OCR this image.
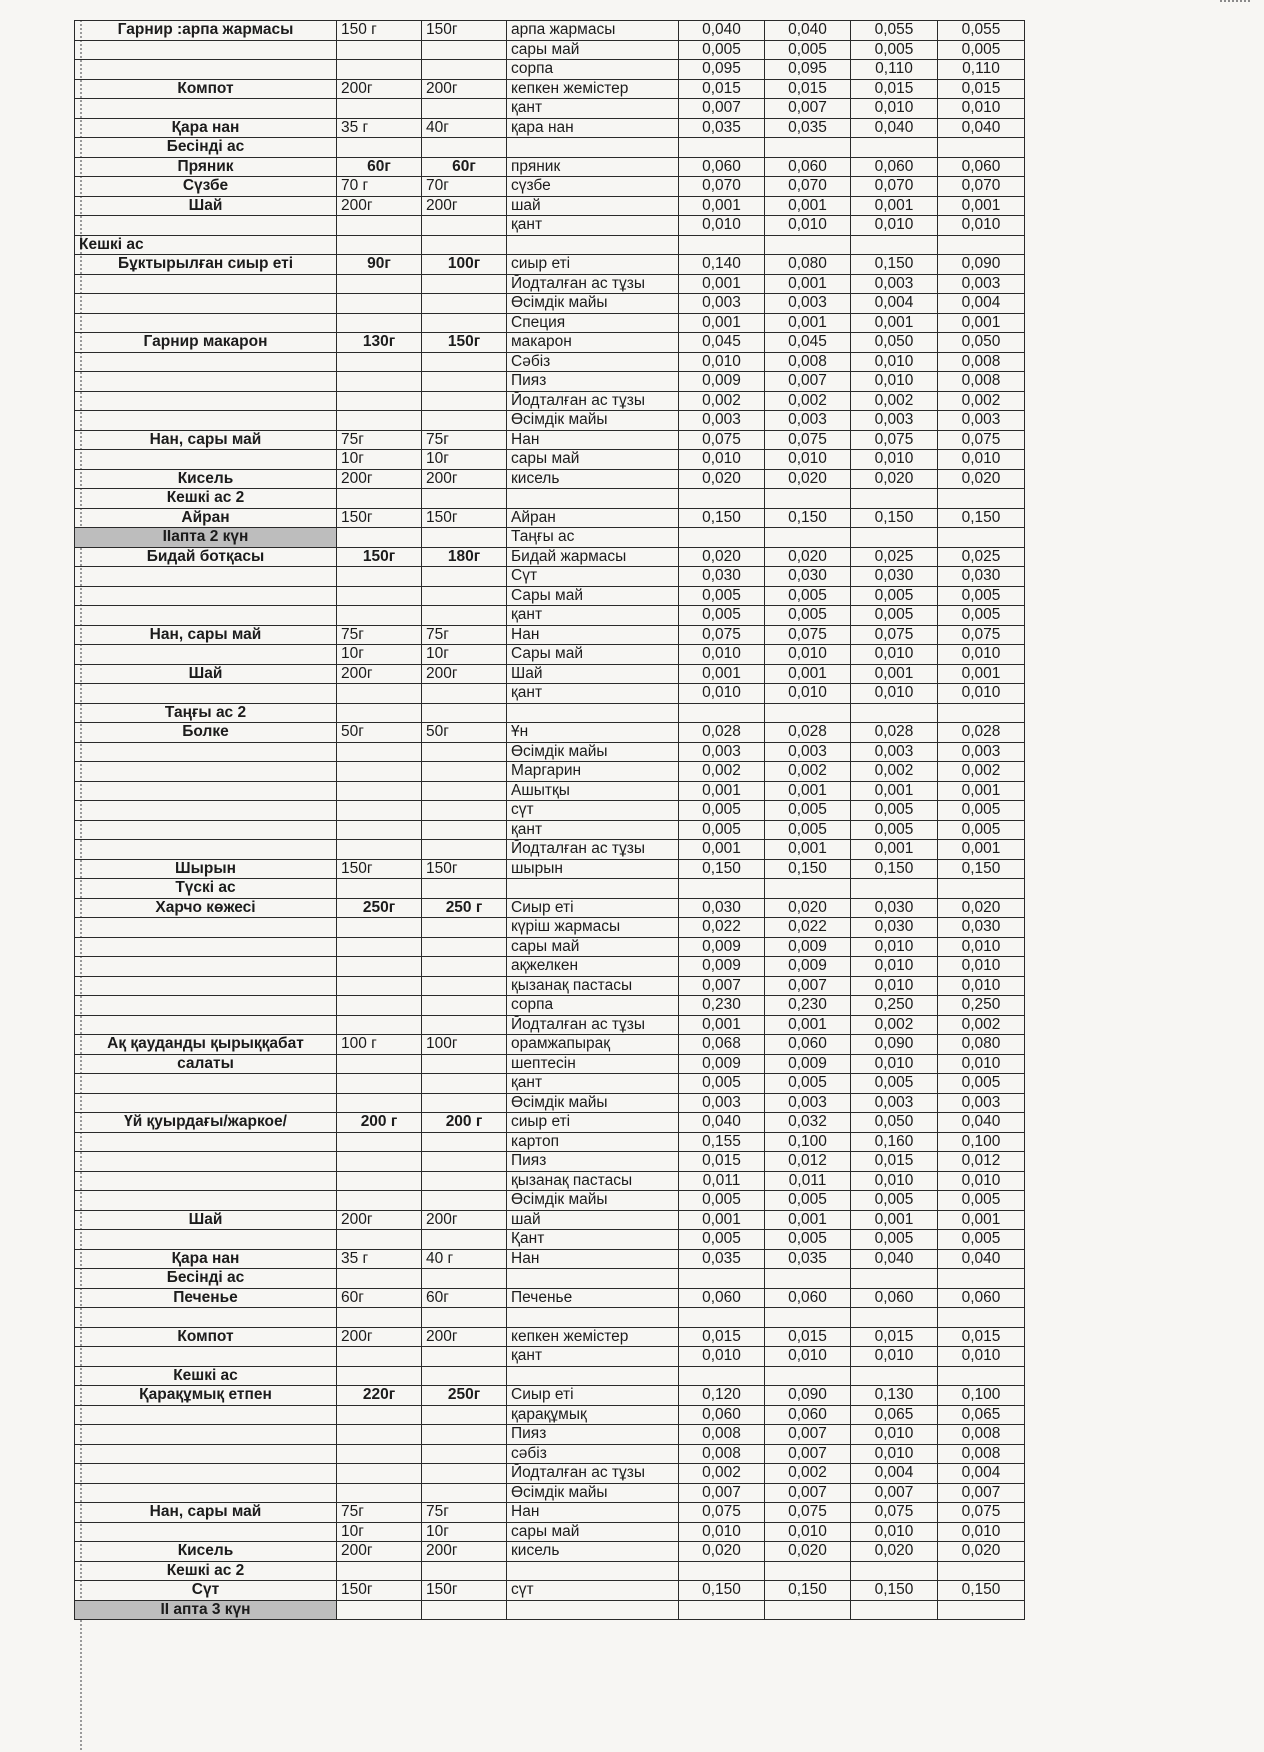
Гарнир :арпа жармасы	150 г	150г	арпа жармасы	0,040	0,040	0,055	0,055
			сары май	0,005	0,005	0,005	0,005
			сорпа	0,095	0,095	0,110	0,110
Компот	200г	200г	кепкен жемістер	0,015	0,015	0,015	0,015
			қант	0,007	0,007	0,010	0,010
Қара нан	35 г	40г	қара нан	0,035	0,035	0,040	0,040
Бесінді ас							
Пряник	60г	60г	пряник	0,060	0,060	0,060	0,060
Сүзбе	70 г	70г	сүзбе	0,070	0,070	0,070	0,070
Шай	200г	200г	шай	0,001	0,001	0,001	0,001
			қант	0,010	0,010	0,010	0,010
Кешкі ас							
Бұктырылған сиыр еті	90г	100г	сиыр еті	0,140	0,080	0,150	0,090
			Йодталған ас тұзы	0,001	0,001	0,003	0,003
			Өсімдік майы	0,003	0,003	0,004	0,004
			Специя	0,001	0,001	0,001	0,001
Гарнир макарон	130г	150г	макарон	0,045	0,045	0,050	0,050
			Сәбіз	0,010	0,008	0,010	0,008
			Пияз	0,009	0,007	0,010	0,008
			Йодталған ас тұзы	0,002	0,002	0,002	0,002
			Өсімдік майы	0,003	0,003	0,003	0,003
Нан, сары май	75г	75г	Нан	0,075	0,075	0,075	0,075
	10г	10г	сары май	0,010	0,010	0,010	0,010
Кисель	200г	200г	кисель	0,020	0,020	0,020	0,020
Кешкі ас 2							
Айран	150г	150г	Айран	0,150	0,150	0,150	0,150
IIапта 2 күн			Таңғы ас				
Бидай ботқасы	150г	180г	Бидай жармасы	0,020	0,020	0,025	0,025
			Сүт	0,030	0,030	0,030	0,030
			Сары май	0,005	0,005	0,005	0,005
			қант	0,005	0,005	0,005	0,005
Нан, сары май	75г	75г	Нан	0,075	0,075	0,075	0,075
	10г	10г	Сары май	0,010	0,010	0,010	0,010
Шай	200г	200г	Шай	0,001	0,001	0,001	0,001
			қант	0,010	0,010	0,010	0,010
Таңғы ас 2							
Болке	50г	50г	Ұн	0,028	0,028	0,028	0,028
			Өсімдік майы	0,003	0,003	0,003	0,003
			Маргарин	0,002	0,002	0,002	0,002
			Ашытқы	0,001	0,001	0,001	0,001
			сүт	0,005	0,005	0,005	0,005
			қант	0,005	0,005	0,005	0,005
			Йодталған ас тұзы	0,001	0,001	0,001	0,001
Шырын	150г	150г	шырын	0,150	0,150	0,150	0,150
Түскі ас							
Харчо көжесі	250г	250 г	Сиыр еті	0,030	0,020	0,030	0,020
			күріш жармасы	0,022	0,022	0,030	0,030
			сары май	0,009	0,009	0,010	0,010
			ақжелкен	0,009	0,009	0,010	0,010
			қызанақ пастасы	0,007	0,007	0,010	0,010
			сорпа	0,230	0,230	0,250	0,250
			Йодталған ас тұзы	0,001	0,001	0,002	0,002
Ақ қауданды қырыққабат	100 г	100г	орамжапырақ	0,068	0,060	0,090	0,080
салаты			шептесін	0,009	0,009	0,010	0,010
			қант	0,005	0,005	0,005	0,005
			Өсімдік майы	0,003	0,003	0,003	0,003
Үй қуырдағы/жаркое/	200 г	200 г	сиыр еті	0,040	0,032	0,050	0,040
			картоп	0,155	0,100	0,160	0,100
			Пияз	0,015	0,012	0,015	0,012
			қызанақ пастасы	0,011	0,011	0,010	0,010
			Өсімдік майы	0,005	0,005	0,005	0,005
Шай	200г	200г	шай	0,001	0,001	0,001	0,001
			Қант	0,005	0,005	0,005	0,005
Қара нан	35 г	40 г	Нан	0,035	0,035	0,040	0,040
Бесінді ас							
Печенье	60г	60г	Печенье	0,060	0,060	0,060	0,060

Компот	200г	200г	кепкен жемістер	0,015	0,015	0,015	0,015
			қант	0,010	0,010	0,010	0,010
Кешкі ас							
Қарақұмық етпен	220г	250г	Сиыр еті	0,120	0,090	0,130	0,100
			қарақұмық	0,060	0,060	0,065	0,065
			Пияз	0,008	0,007	0,010	0,008
			сәбіз	0,008	0,007	0,010	0,008
			Йодталған ас тұзы	0,002	0,002	0,004	0,004
			Өсімдік майы	0,007	0,007	0,007	0,007
Нан, сары май	75г	75г	Нан	0,075	0,075	0,075	0,075
	10г	10г	сары май	0,010	0,010	0,010	0,010
Кисель	200г	200г	кисель	0,020	0,020	0,020	0,020
Кешкі ас 2							
Сүт	150г	150г	сүт	0,150	0,150	0,150	0,150
II апта 3 күн							
